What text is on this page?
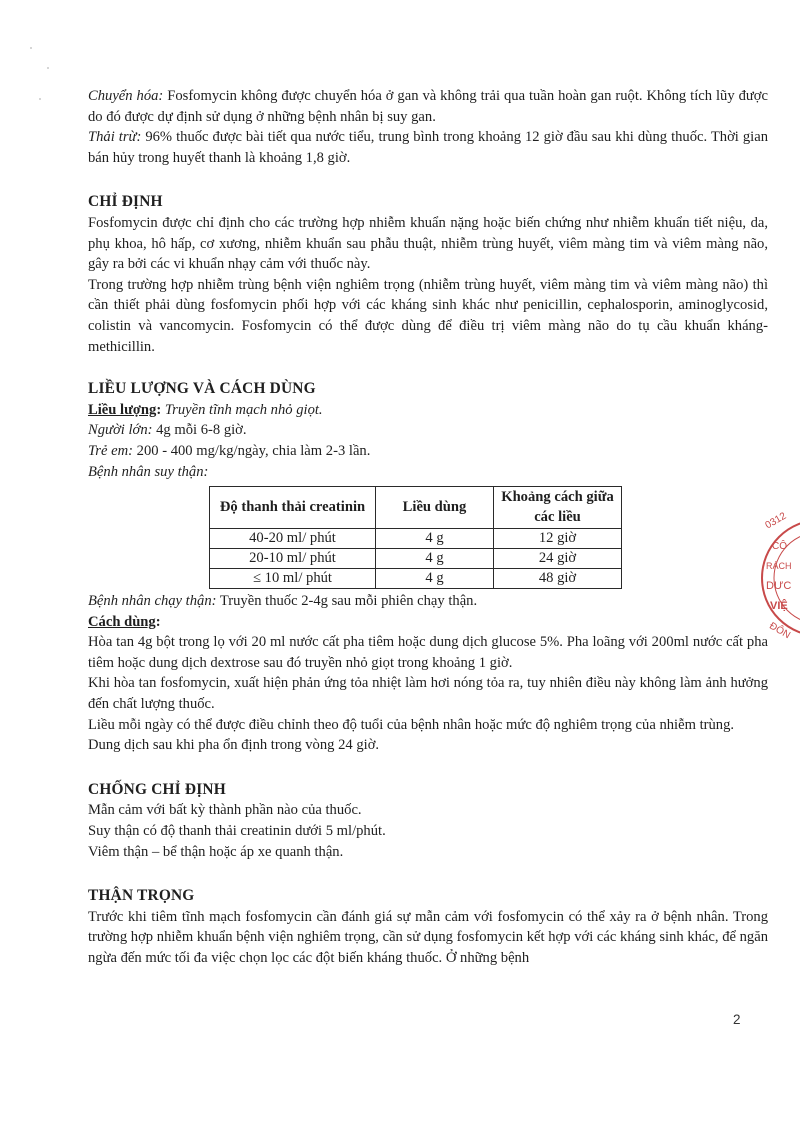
Chuyển hóa: Fosfomycin không được chuyển hóa ở gan và không trải qua tuần hoàn gan ruột. Không tích lũy được do đó được dự định sử dụng ở những bệnh nhân bị suy gan.

Thải trừ: 96% thuốc được bài tiết qua nước tiểu, trung bình trong khoảng 12 giờ đầu sau khi dùng thuốc. Thời gian bán hủy trong huyết thanh là khoảng 1,8 giờ.

CHỈ ĐỊNH

Fosfomycin được chỉ định cho các trường hợp nhiễm khuẩn nặng hoặc biến chứng như nhiễm khuẩn tiết niệu, da, phụ khoa, hô hấp, cơ xương, nhiễm khuẩn sau phẫu thuật, nhiễm trùng huyết, viêm màng tim và viêm màng não, gây ra bởi các vi khuẩn nhạy cảm với thuốc này.

Trong trường hợp nhiễm trùng bệnh viện nghiêm trọng (nhiễm trùng huyết, viêm màng tim và viêm màng não) thì cần thiết phải dùng fosfomycin phối hợp với các kháng sinh khác như penicillin, cephalosporin, aminoglycosid, colistin và vancomycin. Fosfomycin có thể được dùng để điều trị viêm màng não do tụ cầu khuẩn kháng-methicillin.

LIỀU LƯỢNG VÀ CÁCH DÙNG

Liều lượng: Truyền tĩnh mạch nhỏ giọt.

Người lớn: 4g mỗi 6-8 giờ.

Trẻ em: 200 - 400 mg/kg/ngày, chia làm 2-3 lần.

Bệnh nhân suy thận:

Độ thanh thải creatinin	Liều dùng	Khoảng cách giữa các liều
40-20 ml/ phút	4 g	12 giờ
20-10 ml/ phút	4 g	24 giờ
≤ 10 ml/ phút	4 g	48 giờ

Bệnh nhân chạy thận: Truyền thuốc 2-4g sau mỗi phiên chạy thận.

Cách dùng:

Hòa tan 4g bột trong lọ với 20 ml nước cất pha tiêm hoặc dung dịch glucose 5%. Pha loãng với 200ml nước cất pha tiêm hoặc dung dịch dextrose sau đó truyền nhỏ giọt trong khoảng 1 giờ.

Khi hòa tan fosfomycin, xuất hiện phản ứng tỏa nhiệt làm hơi nóng tỏa ra, tuy nhiên điều này không làm ảnh hưởng đến chất lượng thuốc.

Liều mỗi ngày có thể được điều chỉnh theo độ tuổi của bệnh nhân hoặc mức độ nghiêm trọng của nhiễm trùng.

Dung dịch sau khi pha ổn định trong vòng 24 giờ.

CHỐNG CHỈ ĐỊNH

Mẫn cảm với bất kỳ thành phần nào của thuốc.

Suy thận có độ thanh thải creatinin dưới 5 ml/phút.

Viêm thận – bể thận hoặc áp xe quanh thận.

THẬN TRỌNG

Trước khi tiêm tĩnh mạch fosfomycin cần đánh giá sự mẫn cảm với fosfomycin có thể xảy ra ở bệnh nhân. Trong trường hợp nhiễm khuẩn bệnh viện nghiêm trọng, cần sử dụng fosfomycin kết hợp với các kháng sinh khác, để ngăn ngừa đến mức tối đa việc chọn lọc các đột biến kháng thuốc. Ở những bệnh

0312
CÔ
RÁCH
DƯC
VIỆ
ĐÔN
2
